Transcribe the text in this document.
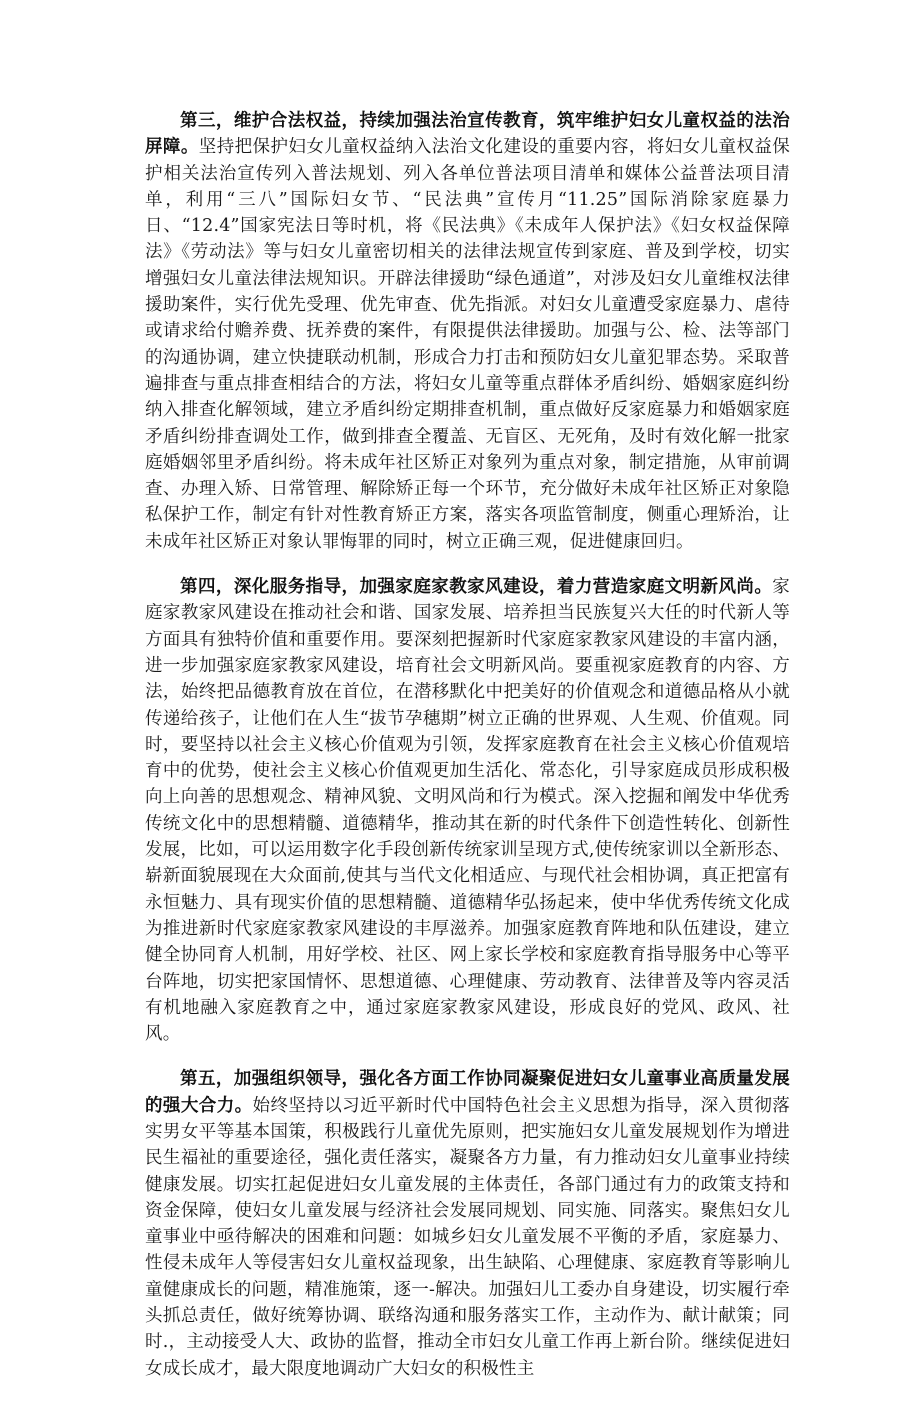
第三，维护合法权益，持续加强法治宣传教育，筑牢维护妇女儿童权益的法治屏障。坚持把保护妇女儿童权益纳入法治文化建设的重要内容，将妇女儿童权益保护相关法治宣传列入普法规划、列入各单位普法项目清单和媒体公益普法项目清单，利用“三八”国际妇女节、“民法典”宣传月“11.25”国际消除家庭暴力日、“12.4”国家宪法日等时机，将《民法典》《未成年人保护法》《妇女权益保障法》《劳动法》等与妇女儿童密切相关的法律法规宣传到家庭、普及到学校，切实增强妇女儿童法律法规知识。开辟法律援助“绿色通道”，对涉及妇女儿童维权法律援助案件，实行优先受理、优先审查、优先指派。对妇女儿童遭受家庭暴力、虐待或请求给付赡养费、抚养费的案件，有限提供法律援助。加强与公、检、法等部门的沟通协调，建立快捷联动机制，形成合力打击和预防妇女儿童犯罪态势。采取普遍排查与重点排查相结合的方法，将妇女儿童等重点群体矛盾纠纷、婚姻家庭纠纷纳入排查化解领域，建立矛盾纠纷定期排查机制，重点做好反家庭暴力和婚姻家庭矛盾纠纷排查调处工作，做到排查全覆盖、无盲区、无死角，及时有效化解一批家庭婚姻邻里矛盾纠纷。将未成年社区矫正对象列为重点对象，制定措施，从审前调查、办理入矫、日常管理、解除矫正每一个环节，充分做好未成年社区矫正对象隐私保护工作，制定有针对性教育矫正方案，落实各项监管制度，侧重心理矫治，让未成年社区矫正对象认罪悔罪的同时，树立正确三观，促进健康回归。

第四，深化服务指导，加强家庭家教家风建设，着力营造家庭文明新风尚。家庭家教家风建设在推动社会和谐、国家发展、培养担当民族复兴大任的时代新人等方面具有独特价值和重要作用。要深刻把握新时代家庭家教家风建设的丰富内涵，进一步加强家庭家教家风建设，培育社会文明新风尚。要重视家庭教育的内容、方法，始终把品德教育放在首位，在潜移默化中把美好的价值观念和道德品格从小就传递给孩子，让他们在人生“拔节孕穗期”树立正确的世界观、人生观、价值观。同时，要坚持以社会主义核心价值观为引领，发挥家庭教育在社会主义核心价值观培育中的优势，使社会主义核心价值观更加生活化、常态化，引导家庭成员形成积极向上向善的思想观念、精神风貌、文明风尚和行为模式。深入挖掘和阐发中华优秀传统文化中的思想精髓、道德精华，推动其在新的时代条件下创造性转化、创新性发展，比如，可以运用数字化手段创新传统家训呈现方式,使传统家训以全新形态、崭新面貌展现在大众面前,使其与当代文化相适应、与现代社会相协调，真正把富有永恒魅力、具有现实价值的思想精髓、道德精华弘扬起来，使中华优秀传统文化成为推进新时代家庭家教家风建设的丰厚滋养。加强家庭教育阵地和队伍建设，建立健全协同育人机制，用好学校、社区、网上家长学校和家庭教育指导服务中心等平台阵地，切实把家国情怀、思想道德、心理健康、劳动教育、法律普及等内容灵活有机地融入家庭教育之中，通过家庭家教家风建设，形成良好的党风、政风、社风。

第五，加强组织领导，强化各方面工作协同凝聚促进妇女儿童事业高质量发展的强大合力。始终坚持以习近平新时代中国特色社会主义思想为指导，深入贯彻落实男女平等基本国策，积极践行儿童优先原则，把实施妇女儿童发展规划作为增进民生福祉的重要途径，强化责任落实，凝聚各方力量，有力推动妇女儿童事业持续健康发展。切实扛起促进妇女儿童发展的主体责任，各部门通过有力的政策支持和资金保障，使妇女儿童发展与经济社会发展同规划、同实施、同落实。聚焦妇女儿童事业中亟待解决的困难和问题：如城乡妇女儿童发展不平衡的矛盾，家庭暴力、性侵未成年人等侵害妇女儿童权益现象，出生缺陷、心理健康、家庭教育等影响儿童健康成长的问题，精准施策，逐一-解决。加强妇儿工委办自身建设，切实履行牵头抓总责任，做好统筹协调、联络沟通和服务落实工作，主动作为、献计献策；同时.，主动接受人大、政协的监督，推动全市妇女儿童工作再上新台阶。继续促进妇女成长成才，最大限度地调动广大妇女的积极性主
